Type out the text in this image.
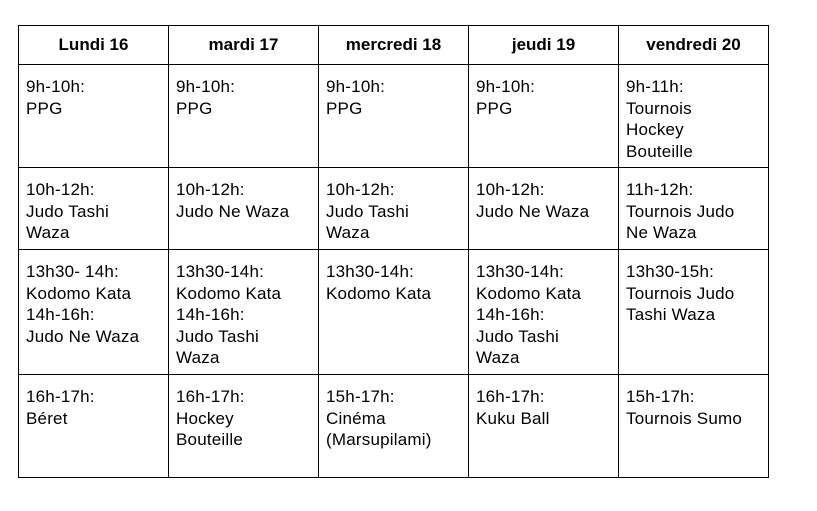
Lundi 16	mardi 17	mercredi 18	jeudi 19	vendredi 20

9h-10h:
PPG	9h-10h:
PPG	9h-10h:
PPG	9h-10h:
PPG	9h-11h:
Tournois
Hockey
Bouteille

10h-12h:
Judo Tashi
Waza	10h-12h:
Judo Ne Waza	10h-12h:
Judo Tashi
Waza	10h-12h:
Judo Ne Waza	11h-12h:
Tournois Judo
Ne Waza

13h30- 14h:
Kodomo Kata
14h-16h:
Judo Ne Waza	13h30-14h:
Kodomo Kata
14h-16h:
Judo Tashi
Waza	13h30-14h:
Kodomo Kata	13h30-14h:
Kodomo Kata
14h-16h:
Judo Tashi
Waza	13h30-15h:
Tournois Judo
Tashi Waza

16h-17h:
Béret	16h-17h:
Hockey
Bouteille	15h-17h:
Cinéma
(Marsupilami)	16h-17h:
Kuku Ball	15h-17h:
Tournois Sumo
